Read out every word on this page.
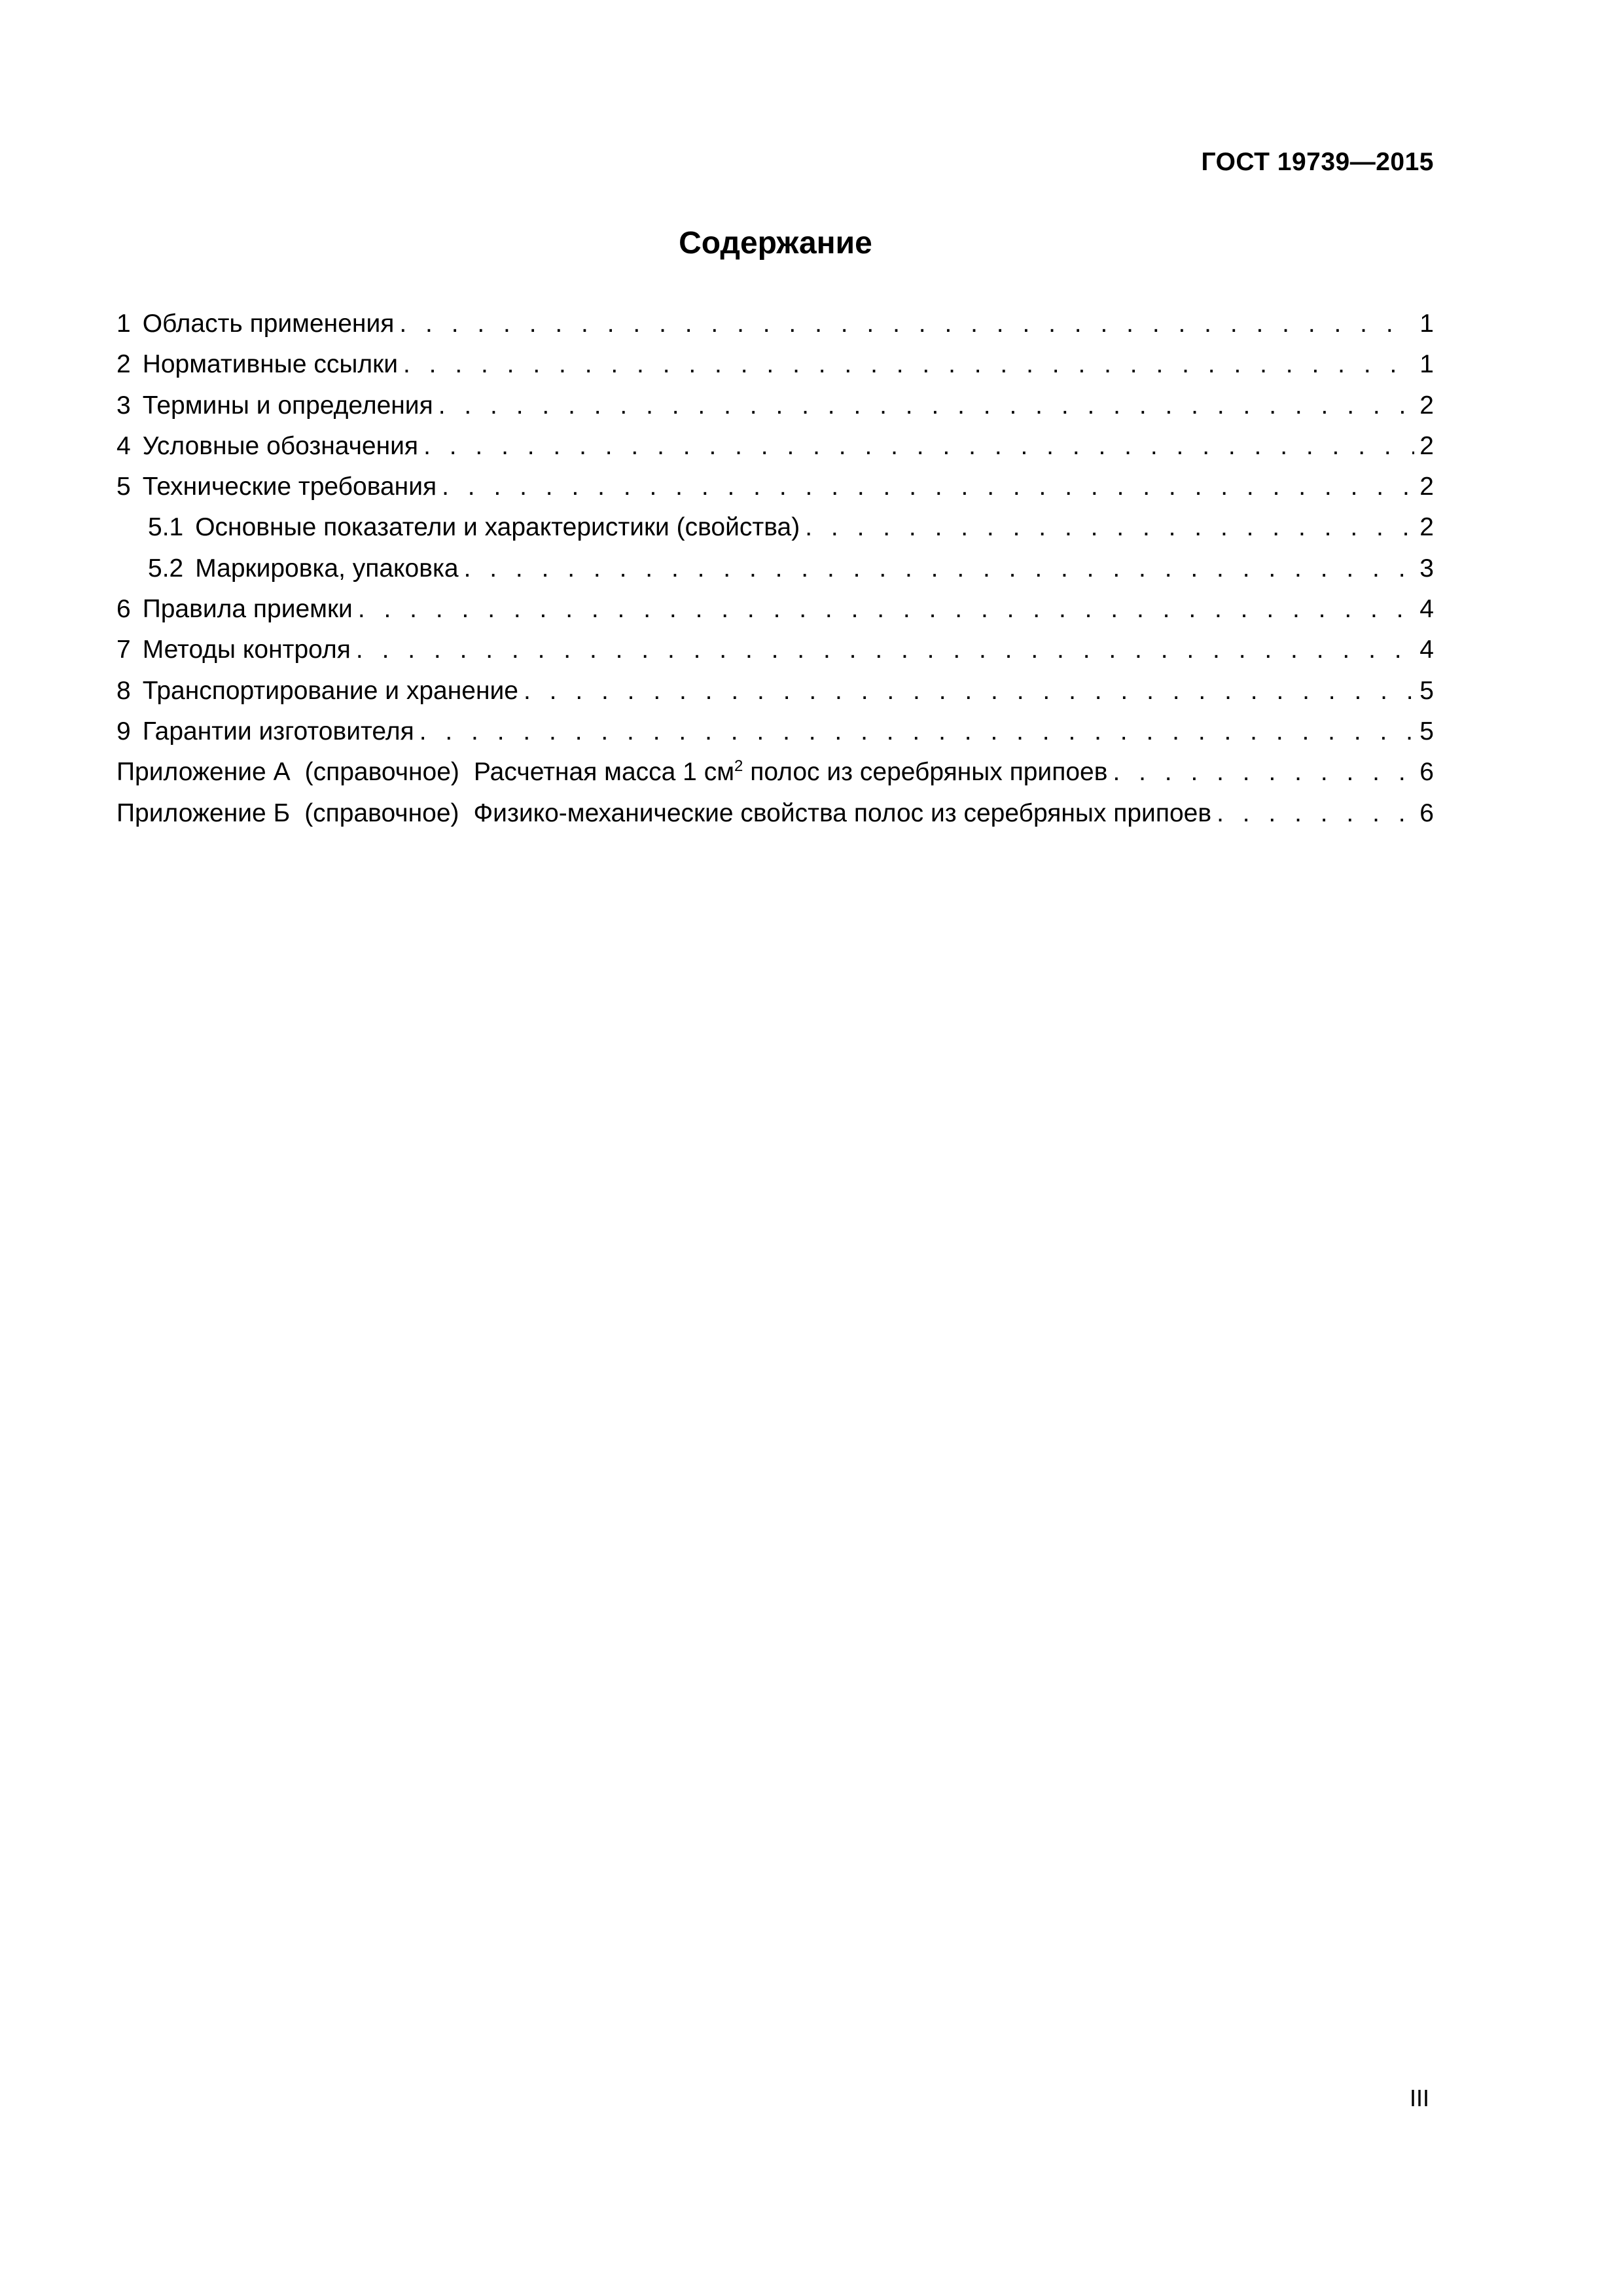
ГОСТ 19739—2015
Содержание
1 Область применения . . .	1
2 Нормативные ссылки . . .	1
3 Термины и определения . . .	2
4 Условные обозначения . . .	2
5 Технические требования . . .	2
5.1 Основные показатели и характеристики (свойства) . . .	2
5.2 Маркировка, упаковка . . .	3
6 Правила приемки . . .	4
7 Методы контроля . . .	4
8 Транспортирование и хранение . . .	5
9 Гарантии изготовителя . . .	5
Приложение А (справочное) Расчетная масса 1 $см^2$ полос из серебряных припоев . . .	6
Приложение Б (справочное) Физико-механические свойства полос из серебряных припоев . . .	6
III
